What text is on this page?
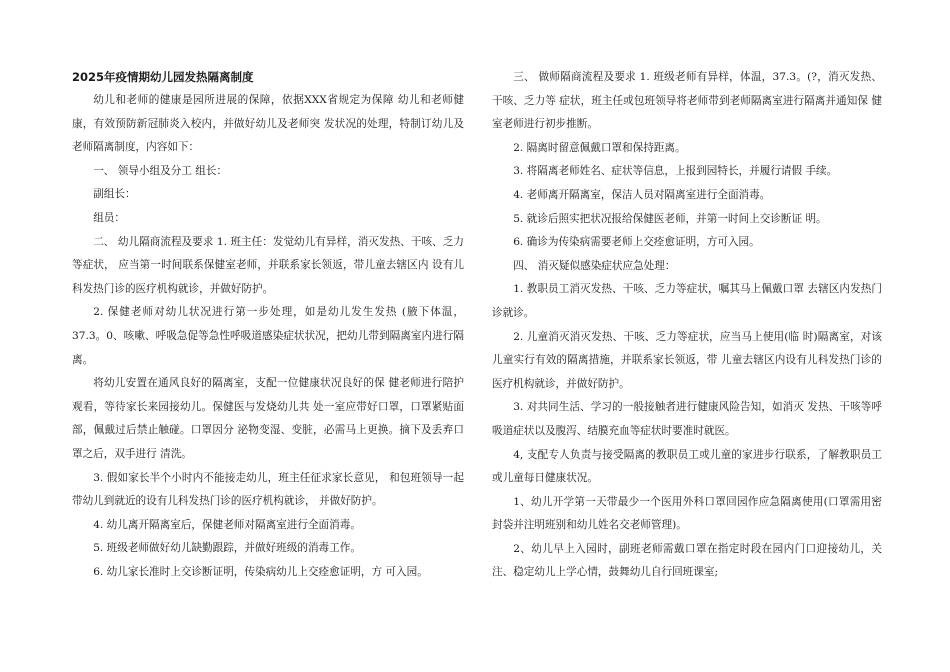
2025年疫情期幼儿园发热隔离制度

幼儿和老师的健康是园所进展的保障，依据XXX省规定为保障 幼儿和老师健康，有效预防新冠肺炎入校内，并做好幼儿及老师突 发状况的处理，特制订幼儿及老师隔离制度，内容如下：

一、 领导小组及分工 组长：

副组长：

组员：

二、 幼儿隔商流程及要求 1. 班主任：发觉幼儿有异样，消灭发热、干咳、乏力等症状， 应当第一时间联系保健室老师，并联系家长领返，带儿童去辖区内 设有儿科发热门诊的医疗机构就诊，并做好防护。

2. 保健老师对幼儿状况进行第一步处理，如是幼儿发生发热 (腋下体温，37.3。0、咳嗽、呼吸急促等急性呼吸道感染症状状况，把幼儿带到隔离室内进行隔离。

将幼儿安置在通风良好的隔离室，支配一位健康状况良好的保 健老师进行陪护观看，等待家长来园接幼儿。保健医与发烧幼儿共 处一室应带好口罩，口罩紧贴面部，佩戴过后禁止触碰。口罩因分 泌物变湿、变脏，必需马上更换。摘下及丢弃口罩之后，双手进行 清洗。

3. 假如家长半个小时内不能接走幼儿，班主任征求家长意见， 和包班领导一起带幼儿到就近的设有儿科发热门诊的医疗机构就诊， 并做好防护。

4. 幼儿离开隔离室后，保健老师对隔离室进行全面消毒。

5. 班级老师做好幼儿缺勤跟踪，并做好班级的消毒工作。

6. 幼儿家长准时上交诊断证明，传染病幼儿上交痊愈证明，方 可入园。

三、 做师隔商流程及要求 1. 班级老师有异样，体温，37.3。(?，消灭发热、干咳、乏力等 症状，班主任或包班领导将老师带到老师隔离室进行隔离并通知保 健室老师进行初步推断。

2. 隔离时留意佩戴口罩和保持距离。

3. 将隔离老师姓名、症状等信息，上报到园特长，并履行请假 手续。

4. 老师离开隔离室，保洁人员对隔离室进行全面消毒。

5. 就诊后照实把状况报给保健医老师，并第一时间上交诊断证 明。

6. 确诊为传染病需要老师上交痊愈证明，方可入园。

四、 消灭疑似感染症状应急处理：

1. 教职员工消灭发热、干咳、乏力等症状，嘱其马上佩戴口罩 去辖区内发热门诊就诊。

2. 儿童消灭消灭发热、干咳、乏力等症状，应当马上使用(临 时)隔离室，对该儿童实行有效的隔离措施，并联系家长领返，带 儿童去辖区内设有儿科发热门诊的医疗机构就诊，并做好防护。

3. 对共同生活、学习的一般接触者进行健康风险告知，如消灭 发热、干咳等呼吸道症状以及腹泻、结膜充血等症状时要准时就医。

4, 支配专人负责与接受隔离的教职员工或儿童的家进步行联系，了解教职员工或儿童每日健康状况。

1、幼儿开学第一天带最少一个医用外科口罩回园作应急隔离使用(口罩需用密封袋并注明班别和幼儿姓名交老师管理)。

2、幼儿早上入园时，副班老师需戴口罩在指定时段在园内门口迎接幼儿，关注、稳定幼儿上学心情，鼓舞幼儿自行回班课室;
